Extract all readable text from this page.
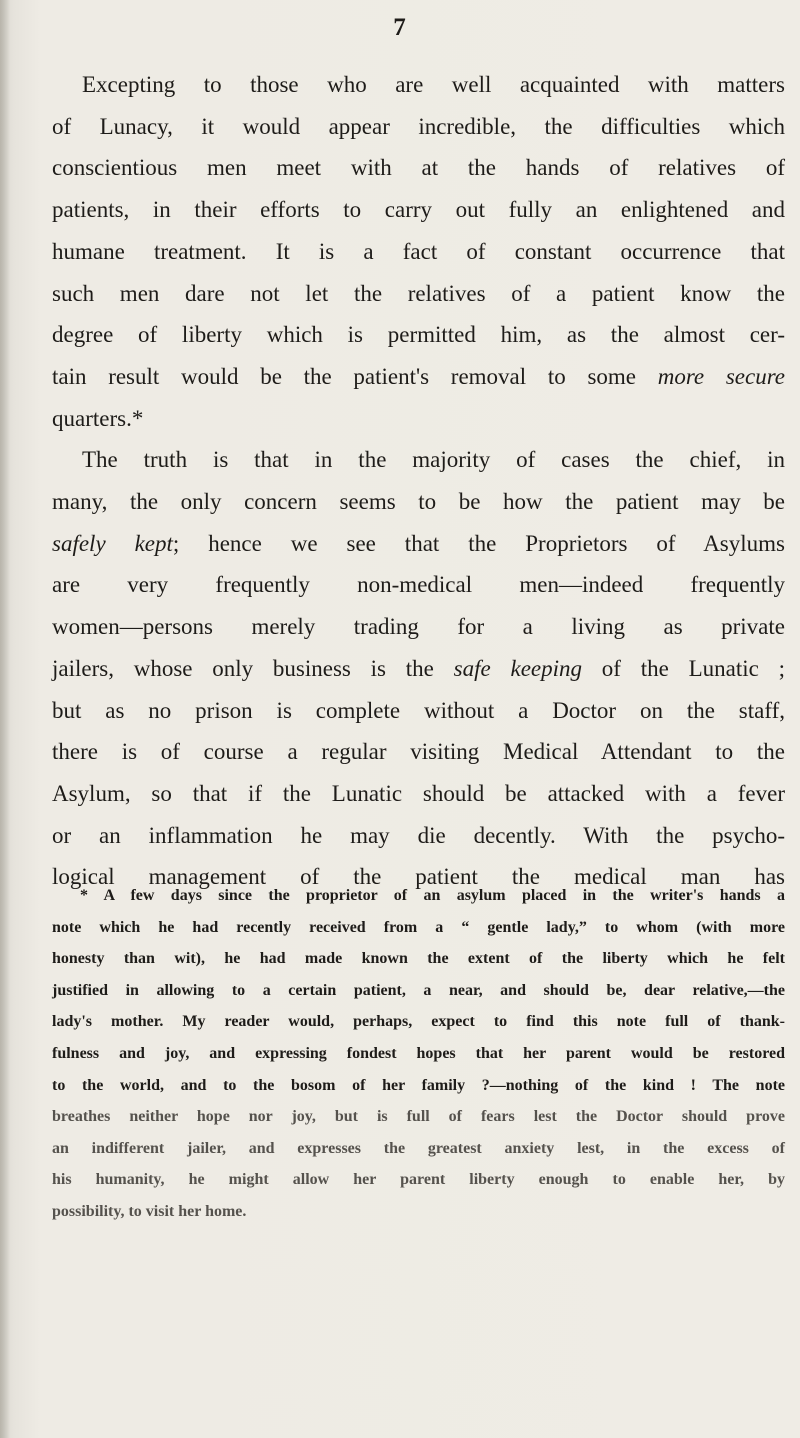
7
Excepting to those who are well acquainted with matters
of Lunacy, it would appear incredible, the difficulties which
conscientious men meet with at the hands of relatives of
patients, in their efforts to carry out fully an enlightened and
humane treatment. It is a fact of constant occurrence that
such men dare not let the relatives of a patient know the
degree of liberty which is permitted him, as the almost cer-
tain result would be the patient's removal to some more secure
quarters.*
The truth is that in the majority of cases the chief, in
many, the only concern seems to be how the patient may be
safely kept; hence we see that the Proprietors of Asylums
are very frequently non-medical men—indeed frequently
women—persons merely trading for a living as private
jailers, whose only business is the safe keeping of the Lunatic ;
but as no prison is complete without a Doctor on the staff,
there is of course a regular visiting Medical Attendant to the
Asylum, so that if the Lunatic should be attacked with a fever
or an inflammation he may die decently. With the psycho-
logical management of the patient the medical man has
* A few days since the proprietor of an asylum placed in the writer's hands a
note which he had recently received from a “ gentle lady,” to whom (with more
honesty than wit), he had made known the extent of the liberty which he felt
justified in allowing to a certain patient, a near, and should be, dear relative,—the
lady's mother. My reader would, perhaps, expect to find this note full of thank-
fulness and joy, and expressing fondest hopes that her parent would be restored
to the world, and to the bosom of her family ?—nothing of the kind ! The note
breathes neither hope nor joy, but is full of fears lest the Doctor should prove
an indifferent jailer, and expresses the greatest anxiety lest, in the excess of
his humanity, he might allow her parent liberty enough to enable her, by
possibility, to visit her home.
